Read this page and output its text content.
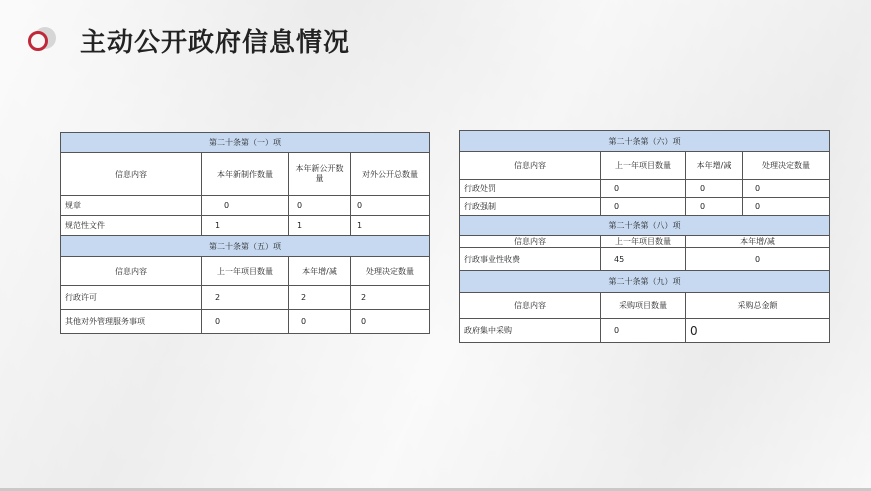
主动公开政府信息情况
第二十条第（一）项			
信息内容	本年新制作数量	本年新公开数量	对外公开总数量
规章	0	0	0
规范性文件	1	1	1
第二十条第（五）项			
信息内容	上一年项目数量	本年增/减	处理决定数量
行政许可	2	2	2
其他对外管理服务事项	0	0	0
第二十条第（六）项			
信息内容	上一年项目数量	本年增/减	处理决定数量
行政处罚	0	0	0
行政强制	0	0	0
第二十条第（八）项			
信息内容	上一年项目数量	本年增/减	
行政事业性收费	45	0	
第二十条第（九）项			
信息内容	采购项目数量	采购总金额	
政府集中采购	0	0	
